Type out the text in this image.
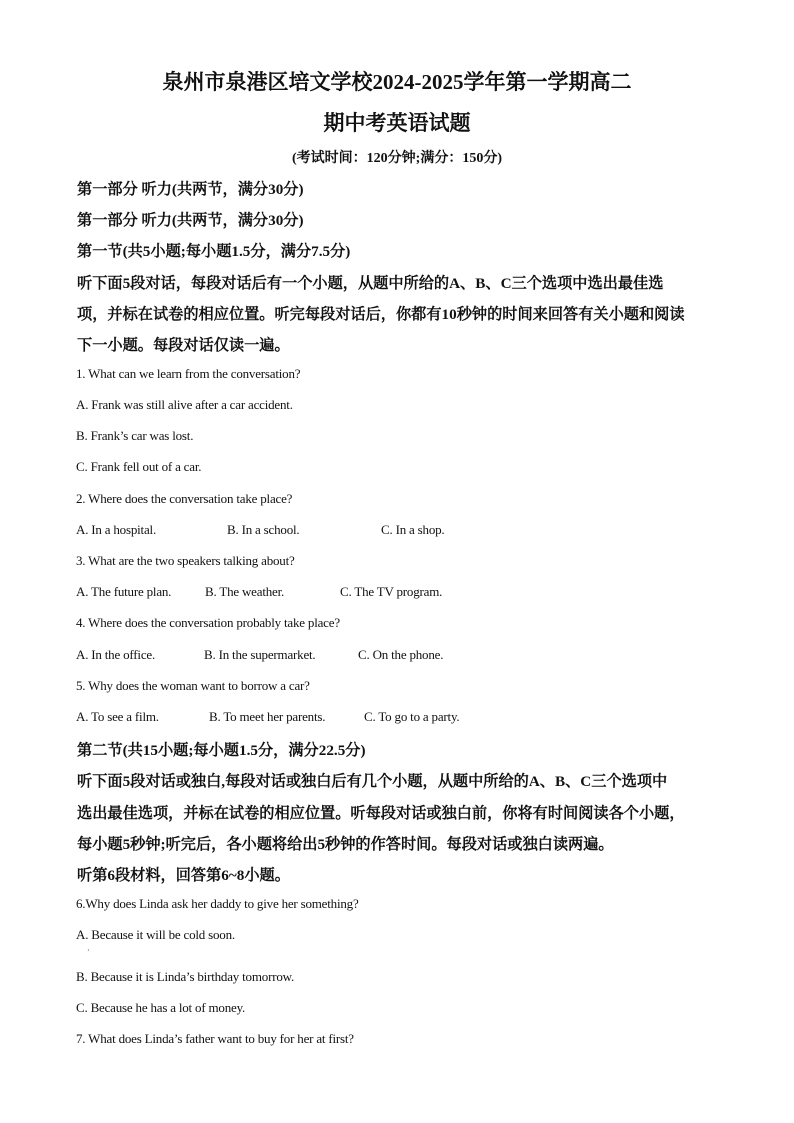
泉州市泉港区培文学校2024-2025学年第一学期高二

期中考英语试题

(考试时间：120分钟;满分：150分)

第一部分 听力(共两节，满分30分)

第一部分 听力(共两节，满分30分)

第一节(共5小题;每小题1.5分，满分7.5分)

听下面5段对话，每段对话后有一个小题，从题中所给的A、B、C三个选项中选出最佳选

项，并标在试卷的相应位置。听完每段对话后，你都有10秒钟的时间来回答有关小题和阅读

下一小题。每段对话仅读一遍。

1. What can we learn from the conversation?

A. Frank was still alive after a car accident.

B. Frank’s car was lost.

C. Frank fell out of a car.

2. Where does the conversation take place?

A. In a hospital.	B. In a school.	C. In a shop.

3. What are the two speakers talking about?

A. The future plan.	B. The weather.	C. The TV program.

4. Where does the conversation probably take place?

A. In the office.	B. In the supermarket.	C. On the phone.

5. Why does the woman want to borrow a car?

A. To see a film.	B. To meet her parents.	C. To go to a party.

第二节(共15小题;每小题1.5分，满分22.5分)

听下面5段对话或独白,每段对话或独白后有几个小题，从题中所给的A、B、C三个选项中

选出最佳选项，并标在试卷的相应位置。听每段对话或独白前，你将有时间阅读各个小题，

每小题5秒钟;听完后，各小题将给出5秒钟的作答时间。每段对话或独白读两遍。

听第6段材料，回答第6~8小题。

6.Why does Linda ask her daddy to give her something?

A. Because it will be cold soon.

·

B. Because it is Linda’s birthday tomorrow.

C. Because he has a lot of money.

7. What does Linda’s father want to buy for her at first?
